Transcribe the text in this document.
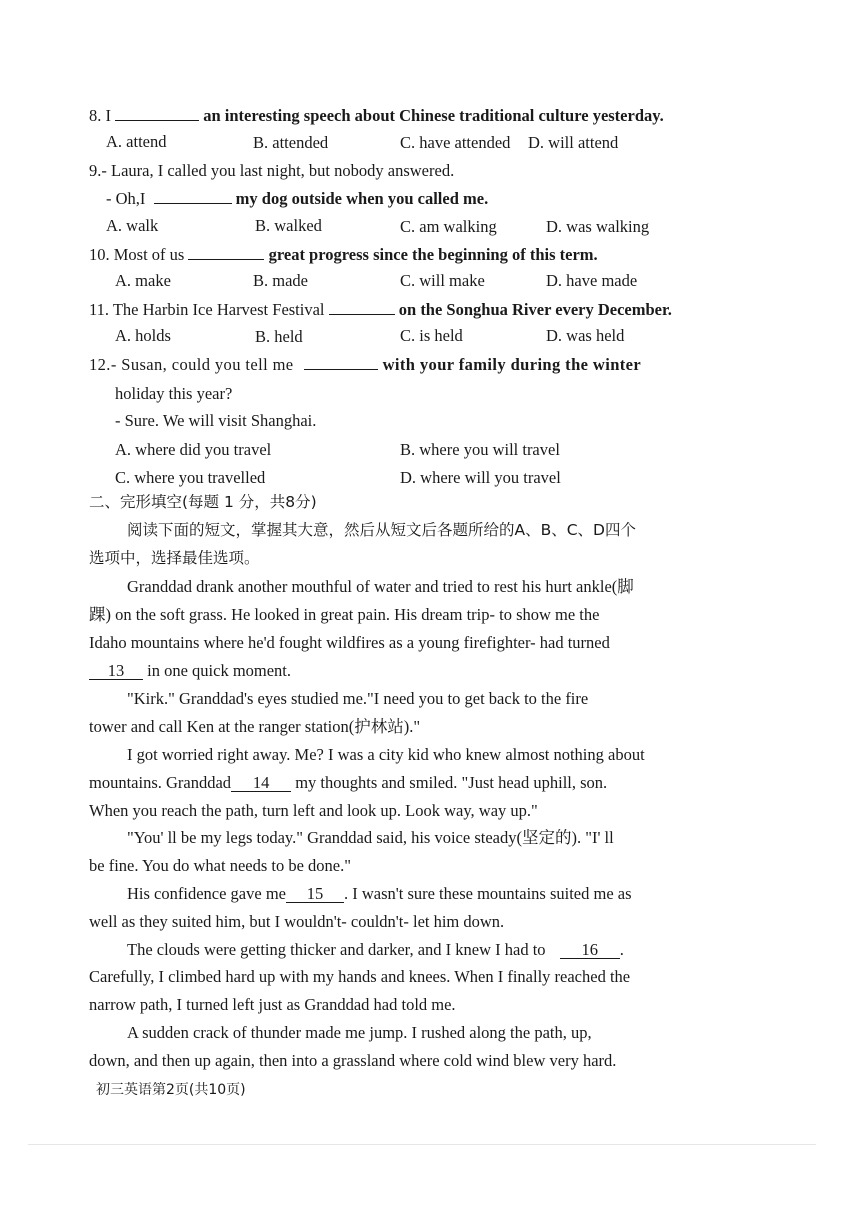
8. I	an interesting speech about Chinese traditional culture yesterday.
A. attend	B. attended	C. have attended D. will attend
9.- Laura, I called you last night, but nobody answered.
- Oh,I	my dog outside when you called me.
A. walk	B. walked	C. am walking	D. was walking
10. Most of us	great progress since the beginning of this term.
A. make	B. made	C. will make	D. have made
11. The Harbin Ice Harvest Festival	on the Songhua River every December.
A. holds	B. held	C. is held	D. was held
12.- Susan, could you tell me	with your family during the winter
holiday this year?
- Sure. We will visit Shanghai.
A. where did you travel	B. where you will travel
C. where you travelled	D. where will you travel
二、完形填空(每题 1 分，共8分)
阅读下面的短文，掌握其大意，然后从短文后各题所给的A、B、C、D四个
选项中，选择最佳选项。
Granddad drank another mouthful of water and tried to rest his hurt ankle(脚
踝) on the soft grass. He looked in great pain. His dream trip- to show me the
Idaho mountains where he'd fought wildfires as a young firefighter- had turned
13 in one quick moment.
"Kirk." Granddad's eyes studied me."I need you to get back to the fire
tower and call Ken at the ranger station(护林站)."
I got worried right away. Me? I was a city kid who knew almost nothing about
mountains. Granddad 14 my thoughts and smiled. "Just head uphill, son.
When you reach the path, turn left and look up. Look way, way up."
"You' ll be my legs today." Granddad said, his voice steady(坚定的). "I' ll
be fine. You do what needs to be done."
His confidence gave me 15 . I wasn't sure these mountains suited me as
well as they suited him, but I wouldn't- couldn't- let him down.
The clouds were getting thicker and darker, and I knew I had to 16 .
Carefully, I climbed hard up with my hands and knees. When I finally reached the
narrow path, I turned left just as Granddad had told me.
A sudden crack of thunder made me jump. I rushed along the path, up,
down, and then up again, then into a grassland where cold wind blew very hard.
初三英语第2页(共10页)
